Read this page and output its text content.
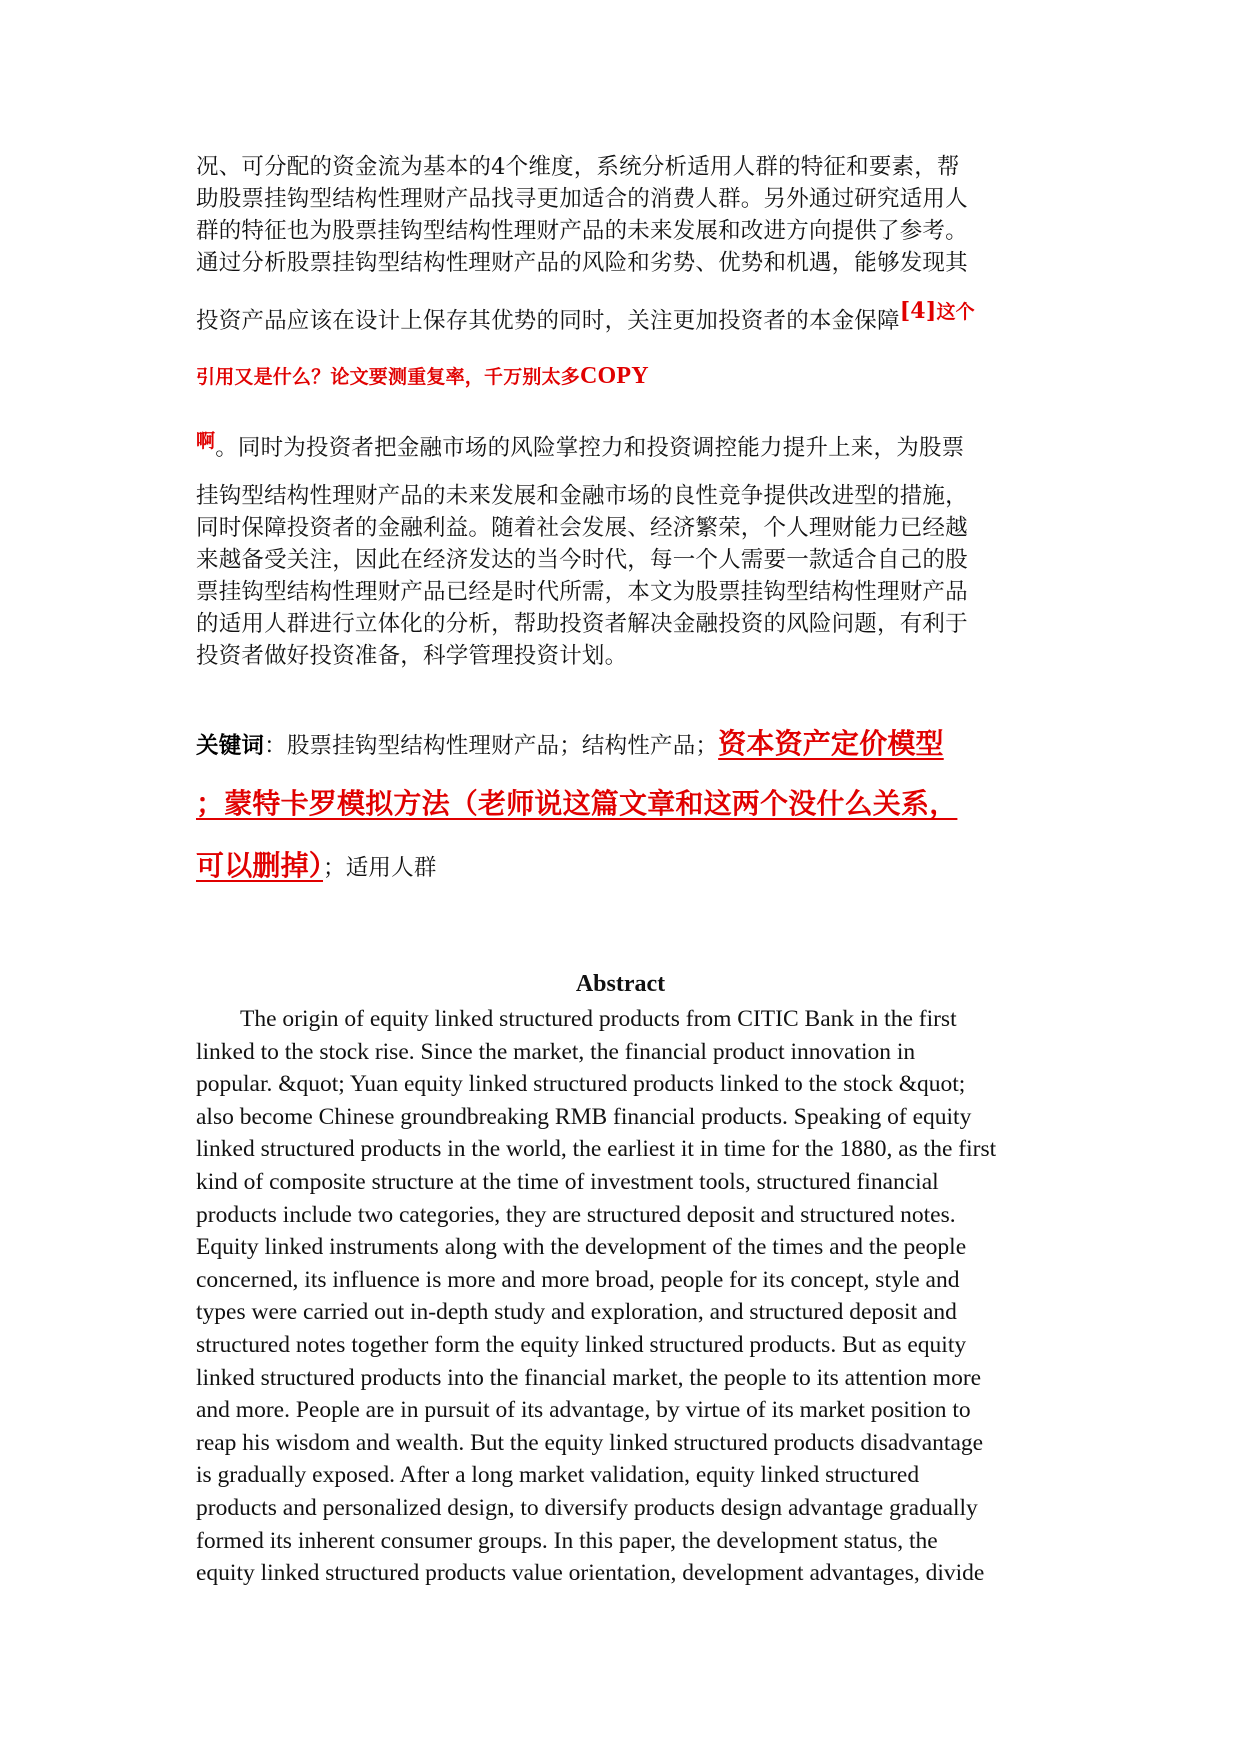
况、可分配的资金流为基本的4个维度，系统分析适用人群的特征和要素，帮
助股票挂钩型结构性理财产品找寻更加适合的消费人群。另外通过研究适用人
群的特征也为股票挂钩型结构性理财产品的未来发展和改进方向提供了参考。
通过分析股票挂钩型结构性理财产品的风险和劣势、优势和机遇，能够发现其
投资产品应该在设计上保存其优势的同时，关注更加投资者的本金保障[4]这个
引用又是什么？论文要测重复率，千万别太多COPY
$^啊$。同时为投资者把金融市场的风险掌控力和投资调控能力提升上来，为股票
挂钩型结构性理财产品的未来发展和金融市场的良性竞争提供改进型的措施，
同时保障投资者的金融利益。随着社会发展、经济繁荣，个人理财能力已经越
来越备受关注，因此在经济发达的当今时代，每一个人需要一款适合自己的股
票挂钩型结构性理财产品已经是时代所需，本文为股票挂钩型结构性理财产品
的适用人群进行立体化的分析，帮助投资者解决金融投资的风险问题，有利于
投资者做好投资准备，科学管理投资计划。
关键词：股票挂钩型结构性理财产品；结构性产品；资本资产定价模型
；蒙特卡罗模拟方法（老师说这篇文章和这两个没什么关系，
可以删掉）；适用人群
Abstract
The origin of equity linked structured products from CITIC Bank in the first
linked to the stock rise. Since the market, the financial product innovation in
popular. &quot; Yuan equity linked structured products linked to the stock &quot;
also become Chinese groundbreaking RMB financial products. Speaking of equity
linked structured products in the world, the earliest it in time for the 1880, as the first
kind of composite structure at the time of investment tools, structured financial
products include two categories, they are structured deposit and structured notes.
Equity linked instruments along with the development of the times and the people
concerned, its influence is more and more broad, people for its concept, style and
types were carried out in-depth study and exploration, and structured deposit and
structured notes together form the equity linked structured products. But as equity
linked structured products into the financial market, the people to its attention more
and more. People are in pursuit of its advantage, by virtue of its market position to
reap his wisdom and wealth. But the equity linked structured products disadvantage
is gradually exposed. After a long market validation, equity linked structured
products and personalized design, to diversify products design advantage gradually
formed its inherent consumer groups. In this paper, the development status, the
equity linked structured products value orientation, development advantages, divide
